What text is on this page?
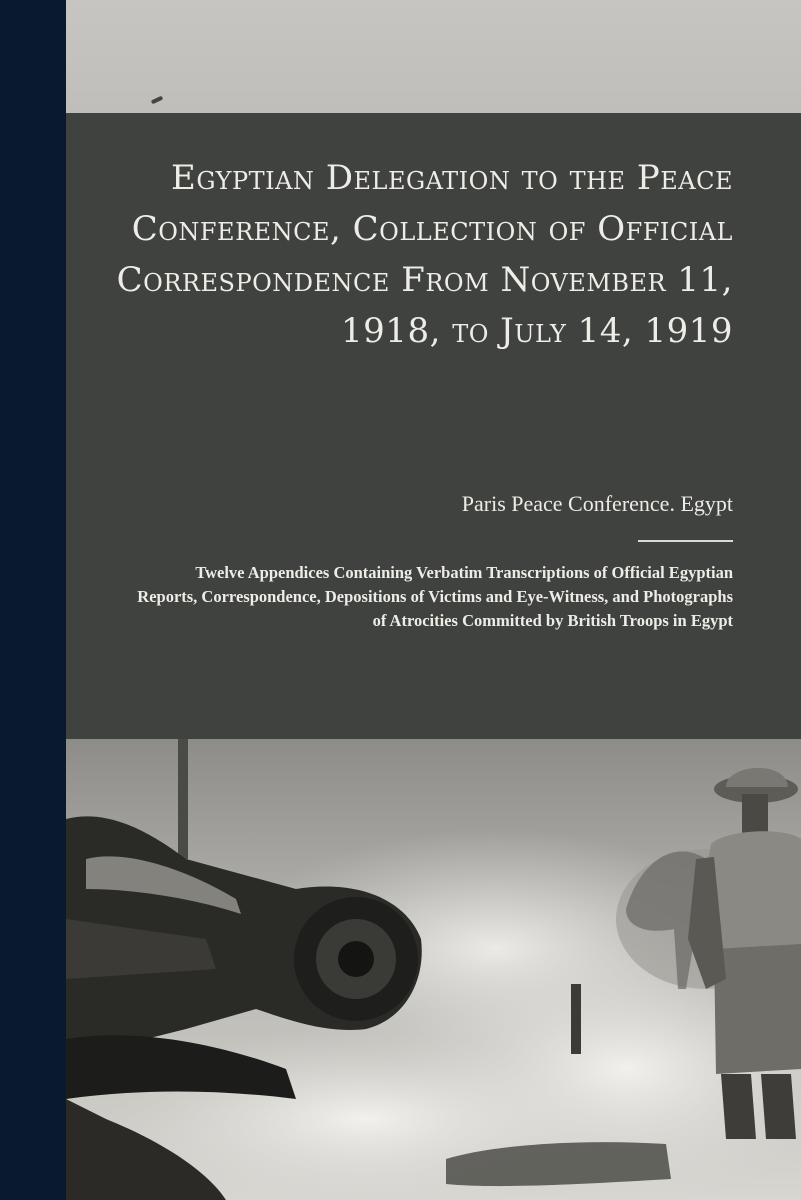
Egyptian Delegation to the Peace Conference, Collection of Official Correspondence From November 11, 1918, to July 14, 1919

Paris Peace Conference. Egypt

Twelve Appendices Containing Verbatim Transcriptions of Official Egyptian Reports, Correspondence, Depositions of Victims and Eye-Witness, and Photographs of Atrocities Committed by British Troops in Egypt
